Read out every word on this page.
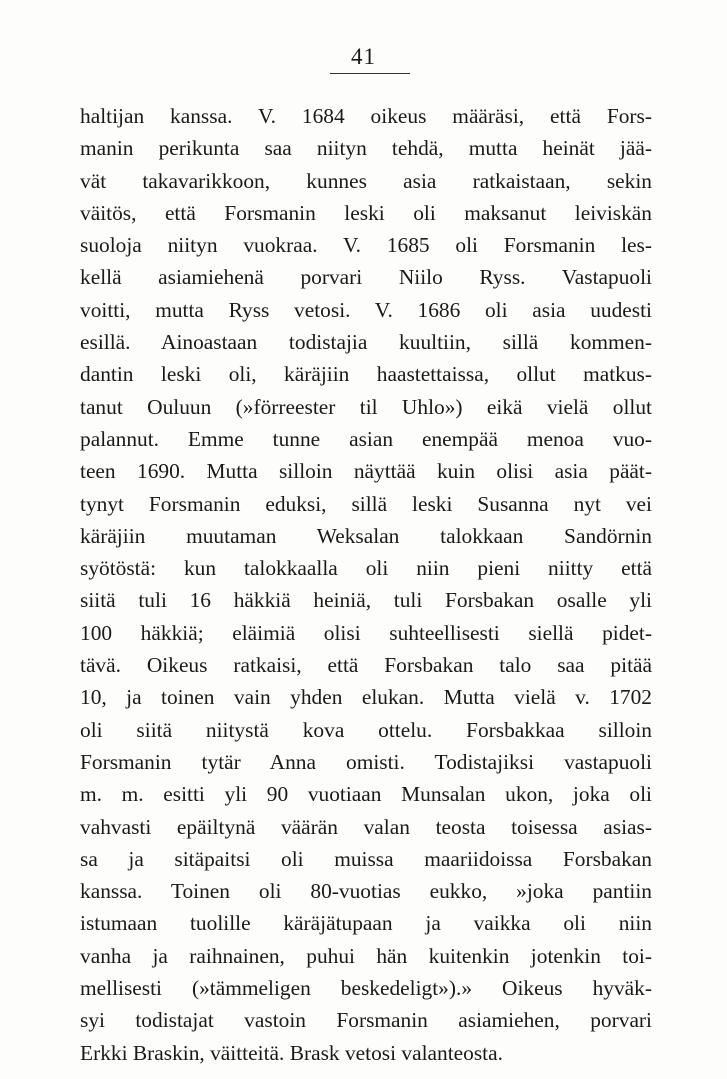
41
haltijan kanssa. V. 1684 oikeus määräsi, että Fors-
manin perikunta saa niityn tehdä, mutta heinät jää-
vät takavarikkoon, kunnes asia ratkaistaan, sekin
väitös, että Forsmanin leski oli maksanut leiviskän
suoloja niityn vuokraa. V. 1685 oli Forsmanin les-
kellä asiamiehenä porvari Niilo Ryss. Vastapuoli
voitti, mutta Ryss vetosi. V. 1686 oli asia uudesti
esillä. Ainoastaan todistajia kuultiin, sillä kommen-
dantin leski oli, käräjiin haastettaissa, ollut matkus-
tanut Ouluun (»förreester til Uhlo») eikä vielä ollut
palannut. Emme tunne asian enempää menoa vuo-
teen 1690. Mutta silloin näyttää kuin olisi asia päät-
tynyt Forsmanin eduksi, sillä leski Susanna nyt vei
käräjiin muutaman Weksalan talokkaan Sandörnin
syötöstä: kun talokkaalla oli niin pieni niitty että
siitä tuli 16 häkkiä heiniä, tuli Forsbakan osalle yli
100 häkkiä; eläimiä olisi suhteellisesti siellä pidet-
tävä. Oikeus ratkaisi, että Forsbakan talo saa pitää
10, ja toinen vain yhden elukan. Mutta vielä v. 1702
oli siitä niitystä kova ottelu. Forsbakkaa silloin
Forsmanin tytär Anna omisti. Todistajiksi vastapuoli
m. m. esitti yli 90 vuotiaan Munsalan ukon, joka oli
vahvasti epäiltynä väärän valan teosta toisessa asias-
sa ja sitäpaitsi oli muissa maariidoissa Forsbakan
kanssa. Toinen oli 80-vuotias eukko, »joka pantiin
istumaan tuolille käräjätupaan ja vaikka oli niin
vanha ja raihnainen, puhui hän kuitenkin jotenkin toi-
mellisesti (»tämmeligen beskedeligt»).» Oikeus hyväk-
syi todistajat vastoin Forsmanin asiamiehen, porvari
Erkki Braskin, väitteitä. Brask vetosi valanteosta.
